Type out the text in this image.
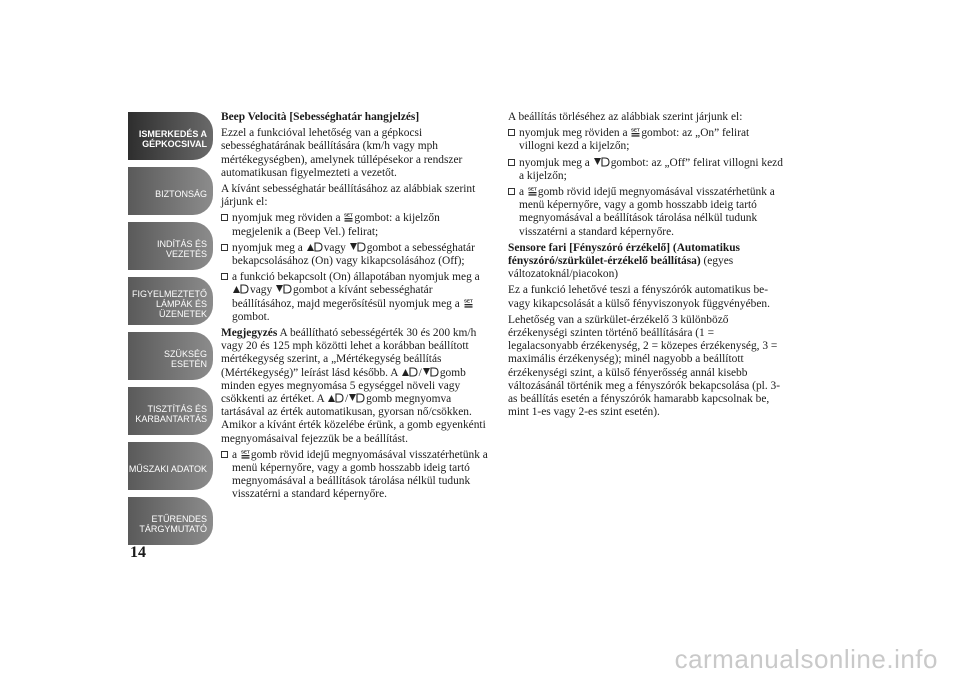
ISMERKEDÉS A
GÉPKOCSIVAL
BIZTONSÁG
INDÍTÁS ÉS
VEZETÉS
FIGYELMEZTETŐ
LÁMPÁK ÉS
ÜZENETEK
SZÜKSÉG ESETÉN
TISZTÍTÁS ÉS
KARBANTARTÁS
MŰSZAKI ADATOK
ETŰRENDES
TÁRGYMUTATÓ
14

Beep Velocità [Sebességhatár hangjelzés]

Ezzel a funkcióval lehetőség van a gépkocsi sebességhatárának beállítására (km/h vagy mph mértékegységben), amelynek túllépésekor a rendszer automatikusan figyelmezteti a vezetőt.

A kívánt sebességhatár beállításához az alábbiak szerint járjunk el:

nyomjuk meg röviden a SET gombot: a kijelzőn megjelenik a (Beep Vel.) felirat;
nyomjuk meg a
vagy
gombot a sebességhatár bekapcsolásához (On) vagy kikapcsolásához (Off);
a funkció bekapcsolt (On) állapotában nyomjuk meg a
vagy
gombot a kívánt sebességhatár beállításához, majd megerősítésül nyomjuk meg a SET
gombot.

Megjegyzés A beállítható sebességérték 30 és 200 km/h vagy 20 és 125 mph közötti lehet a korábban beállított mértékegység szerint, a „Mértékegység beállítás (Mértékegység)” leírást lásd később. A
/ gomb minden egyes megnyomása 5 egységgel növeli vagy csökkenti az értéket. A
/ gomb megnyomva tartásával az érték automatikusan, gyorsan nő/csökken. Amikor a kívánt érték közelébe érünk, a gomb egyenkénti megnyomásaival fejezzük be a beállítást.

a SET gomb rövid idejű megnyomásával visszatérhetünk a menü képernyőre, vagy a gomb hosszabb ideig tartó megnyomásával a beállítások tárolása nélkül tudunk visszatérni a standard képernyőre.

A beállítás törléséhez az alábbiak szerint járjunk el:

nyomjuk meg röviden a SET gombot: az „On” felirat villogni kezd a kijelzőn;
nyomjuk meg a
gombot: az „Off” felirat villogni kezd a kijelzőn;
a SET gomb rövid idejű megnyomásával visszatérhetünk a menü képernyőre, vagy a gomb hosszabb ideig tartó megnyomásával a beállítások tárolása nélkül tudunk visszatérni a standard képernyőre.

Sensore fari [Fényszóró érzékelő] (Automatikus fényszóró/szürkület-érzékelő beállítása) (egyes változatoknál/piacokon)

Ez a funkció lehetővé teszi a fényszórók automatikus be- vagy kikapcsolását a külső fényviszonyok függvényében.

Lehetőség van a szürkület-érzékelő 3 különböző érzékenységi szinten történő beállítására (1 = legalacsonyabb érzékenység, 2 = közepes érzékenység, 3 = maximális érzékenység); minél nagyobb a beállított érzékenységi szint, a külső fényerősség annál kisebb változásánál történik meg a fényszórók bekapcsolása (pl. 3-as beállítás esetén a fényszórók hamarabb kapcsolnak be, mint 1-es vagy 2-es szint esetén).

carmanualsonline.info
